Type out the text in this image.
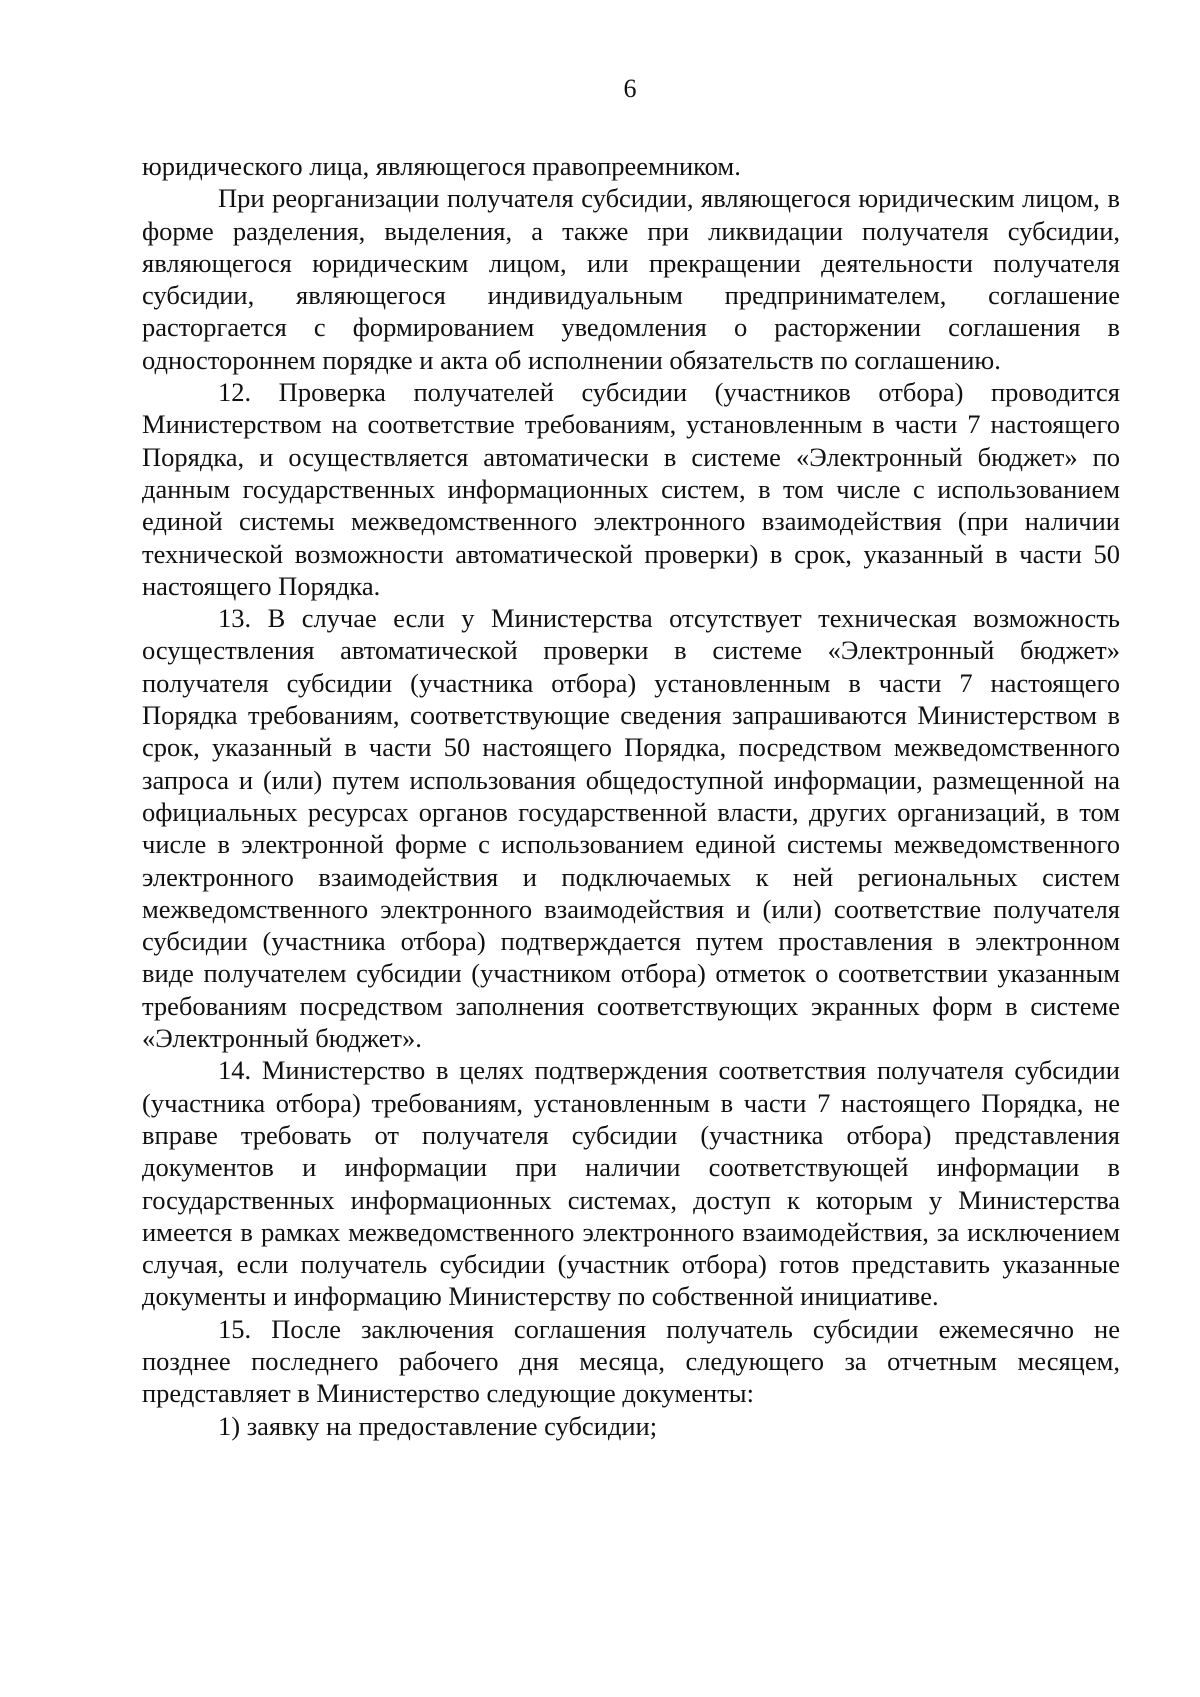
6

юридического лица, являющегося правопреемником.

При реорганизации получателя субсидии, являющегося юридическим лицом, в форме разделения, выделения, а также при ликвидации получателя субсидии, являющегося юридическим лицом, или прекращении деятельности получателя субсидии, являющегося индивидуальным предпринимателем, соглашение расторгается с формированием уведомления о расторжении соглашения в одностороннем порядке и акта об исполнении обязательств по соглашению.

12. Проверка получателей субсидии (участников отбора) проводится Министерством на соответствие требованиям, установленным в части 7 настоящего Порядка, и осуществляется автоматически в системе «Электронный бюджет» по данным государственных информационных систем, в том числе с использованием единой системы межведомственного электронного взаимодействия (при наличии технической возможности автоматической проверки) в срок, указанный в части 50 настоящего Порядка.

13. В случае если у Министерства отсутствует техническая возможность осуществления автоматической проверки в системе «Электронный бюджет» получателя субсидии (участника отбора) установленным в части 7 настоящего Порядка требованиям, соответствующие сведения запрашиваются Министерством в срок, указанный в части 50 настоящего Порядка, посредством межведомственного запроса и (или) путем использования общедоступной информации, размещенной на официальных ресурсах органов государственной власти, других организаций, в том числе в электронной форме с использованием единой системы межведомственного электронного взаимодействия и подключаемых к ней региональных систем межведомственного электронного взаимодействия и (или) соответствие получателя субсидии (участника отбора) подтверждается путем проставления в электронном виде получателем субсидии (участником отбора) отметок о соответствии указанным требованиям посредством заполнения соответствующих экранных форм в системе «Электронный бюджет».

14. Министерство в целях подтверждения соответствия получателя субсидии (участника отбора) требованиям, установленным в части 7 настоящего Порядка, не вправе требовать от получателя субсидии (участника отбора) представления документов и информации при наличии соответствующей информации в государственных информационных системах, доступ к которым у Министерства имеется в рамках межведомственного электронного взаимодействия, за исключением случая, если получатель субсидии (участник отбора) готов представить указанные документы и информацию Министерству по собственной инициативе.

15. После заключения соглашения получатель субсидии ежемесячно не позднее последнего рабочего дня месяца, следующего за отчетным месяцем, представляет в Министерство следующие документы:

1) заявку на предоставление субсидии;
